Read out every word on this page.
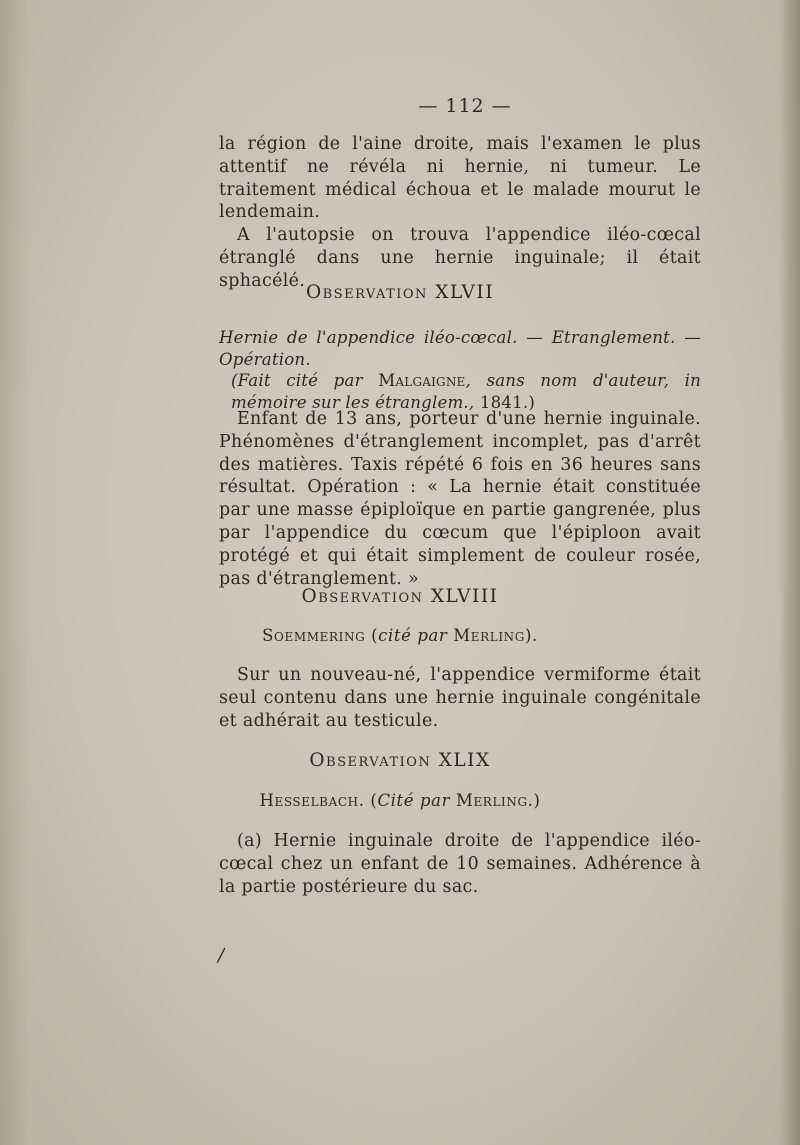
— 112 —

la région de l'aine droite, mais l'examen le plus attentif ne révéla ni hernie, ni tumeur. Le traitement médical échoua et le malade mourut le lendemain.

A l'autopsie on trouva l'appendice iléo-cœcal étranglé dans une hernie inguinale; il était sphacélé.

Observation XLVII
Hernie de l'appendice iléo-cœcal. — Etranglement. — Opération.
(Fait cité par Malgaigne, sans nom d'auteur, in mémoire sur les étranglem., 1841.)

Enfant de 13 ans, porteur d'une hernie inguinale. Phénomènes d'étranglement incomplet, pas d'arrêt des matières. Taxis répété 6 fois en 36 heures sans résultat. Opération : « La hernie était constituée par une masse épiploïque en partie gangrenée, plus par l'appendice du cœcum que l'épiploon avait protégé et qui était simplement de couleur rosée, pas d'étranglement. »

Observation XLVIII
Soemmering (cité par Merling).

Sur un nouveau-né, l'appendice vermiforme était seul contenu dans une hernie inguinale congénitale et adhérait au testicule.

Observation XLIX
Hesselbach. (Cité par Merling.)

(a) Hernie inguinale droite de l'appendice iléo-cœcal chez un enfant de 10 semaines. Adhérence à la partie postérieure du sac.

/
